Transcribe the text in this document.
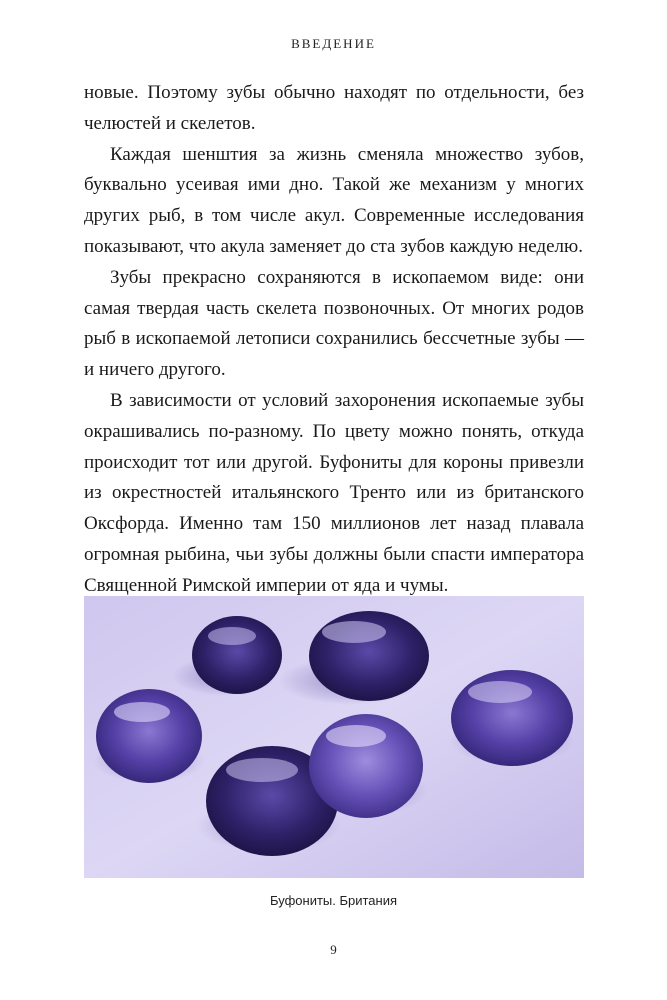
ВВЕДЕНИЕ

новые. Поэтому зубы обычно находят по отдельности, без челюстей и скелетов.

Каждая шенштия за жизнь сменяла множество зубов, буквально усеивая ими дно. Такой же механизм у многих других рыб, в том числе акул. Современные исследования показывают, что акула заменяет до ста зубов каждую неделю.

Зубы прекрасно сохраняются в ископаемом виде: они самая твердая часть скелета позвоночных. От многих родов рыб в ископаемой летописи сохранились бессчетные зубы — и ничего другого.

В зависимости от условий захоронения ископаемые зубы окрашивались по-разному. По цвету можно понять, откуда происходит тот или другой. Буфониты для короны привезли из окрестностей итальянского Тренто или из британского Оксфорда. Именно там 150 миллионов лет назад плавала огромная рыбина, чьи зубы должны были спасти императора Священной Римской империи от яда и чумы.

Буфониты. Британия
9
